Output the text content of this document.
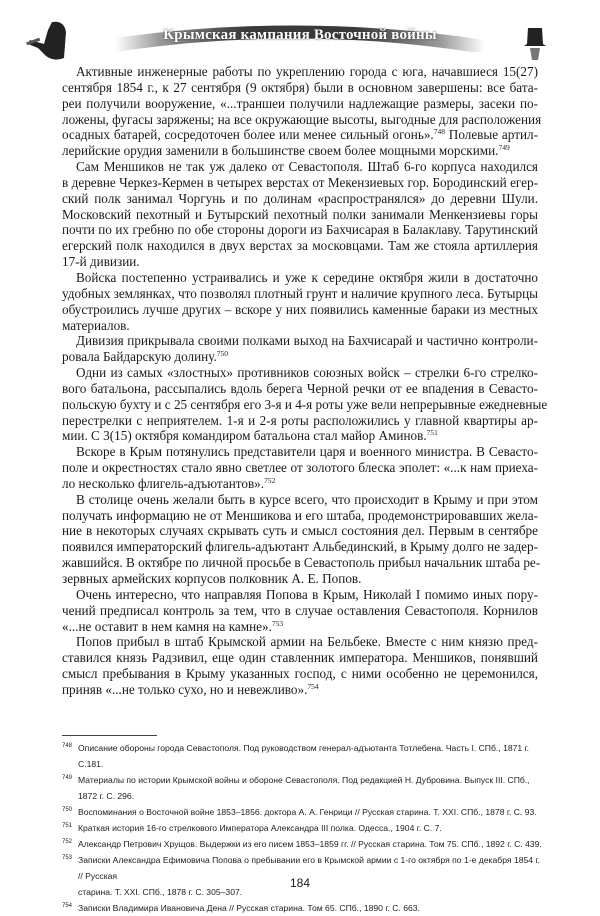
Крымская кампания Восточной войны
Активные инженерные работы по укреплению города с юга, начавшиеся 15(27)
сентября 1854 г., к 27 сентября (9 октября) были в основном завершены: все бата-
реи получили вооружение, «...траншеи получили надлежащие размеры, засеки по-
ложены, фугасы заряжены; на все окружающие высоты, выгодные для расположения
осадных батарей, сосредоточен более или менее сильный огонь».$^{748}$ Полевые артил-
лерийские орудия заменили в большинстве своем более мощными морскими.$^{749}$
Сам Меншиков не так уж далеко от Севастополя. Штаб 6-го корпуса находился
в деревне Черкез-Кермен в четырех верстах от Мекензиевых гор. Бородинский егер-
ский полк занимал Чоргунь и по долинам «распространялся» до деревни Шули.
Московский пехотный и Бутырский пехотный полки занимали Менкензиевы горы
почти по их гребню по обе стороны дороги из Бахчисарая в Балаклаву. Тарутинский
егерский полк находился в двух верстах за московцами. Там же стояла артиллерия
17-й дивизии.
Войска постепенно устраивались и уже к середине октября жили в достаточно
удобных землянках, что позволял плотный грунт и наличие крупного леса. Бутырцы
обустроились лучше других – вскоре у них появились каменные бараки из местных
материалов.
Дивизия прикрывала своими полками выход на Бахчисарай и частично контроли-
ровала Байдарскую долину.$^{750}$
Одни из самых «злостных» противников союзных войск – стрелки 6-го стрелко-
вого батальона, рассыпались вдоль берега Черной речки от ее впадения в Севасто-
польскую бухту и с 25 сентября его 3-я и 4-я роты уже вели непрерывные ежедневные
перестрелки с неприятелем. 1-я и 2-я роты расположились у главной квартиры ар-
мии. С 3(15) октября командиром батальона стал майор Аминов.$^{751}$
Вскоре в Крым потянулись представители царя и военного министра. В Севасто-
поле и окрестностях стало явно светлее от золотого блеска эполет: «...к нам приеха-
ло несколько флигель-адъютантов».$^{752}$
В столице очень желали быть в курсе всего, что происходит в Крыму и при этом
получать информацию не от Меншикова и его штаба, продемонстрировавших жела-
ние в некоторых случаях скрывать суть и смысл состояния дел. Первым в сентябре
появился императорский флигель-адъютант Альбединский, в Крыму долго не задер-
жавшийся. В октябре по личной просьбе в Севастополь прибыл начальник штаба ре-
зервных армейских корпусов полковник А. Е. Попов.
Очень интересно, что направляя Попова в Крым, Николай I помимо иных пору-
чений предписал контроль за тем, что в случае оставления Севастополя. Корнилов
«...не оставит в нем камня на камне».$^{753}$
Попов прибыл в штаб Крымской армии на Бельбеке. Вместе с ним князю пред-
ставился князь Радзивил, еще один ставленник императора. Меншиков, понявший
смысл пребывания в Крыму указанных господ, с ними особенно не церемонился,
приняв «...не только сухо, но и невежливо».$^{754}$
748 Описание обороны города Севастополя. Под руководством генерал-адъютанта Тотлебена. Часть I. СПб., 1871 г. С.181.
749 Материалы по истории Крымской войны и обороне Севастополя. Под редакцией Н. Дубровина. Выпуск III. СПб., 1872 г. С. 296.
750 Воспоминания о Восточной войне 1853–1856. доктора А. А. Генрици // Русская старина. Т. XXI. СПб., 1878 г. С. 93.
751 Краткая история 16-го стрелкового Императора Александра III полка. Одесса., 1904 г. С. 7.
752 Александр Петрович Хрущов. Выдержки из его писем 1853–1859 гг. // Русская старина. Том 75. СПб., 1892 г. С. 439.
753 Записки Александра Ефимовича Попова о пребывании его в Крымской армии с 1-го октября по 1-е декабря 1854 г. // Русская
старина. Т. XXI. СПб., 1878 г. С. 305–307.
754 Записки Владимира Ивановича Дена // Русская старина. Том 65. СПб., 1890 г. С. 663.
184
